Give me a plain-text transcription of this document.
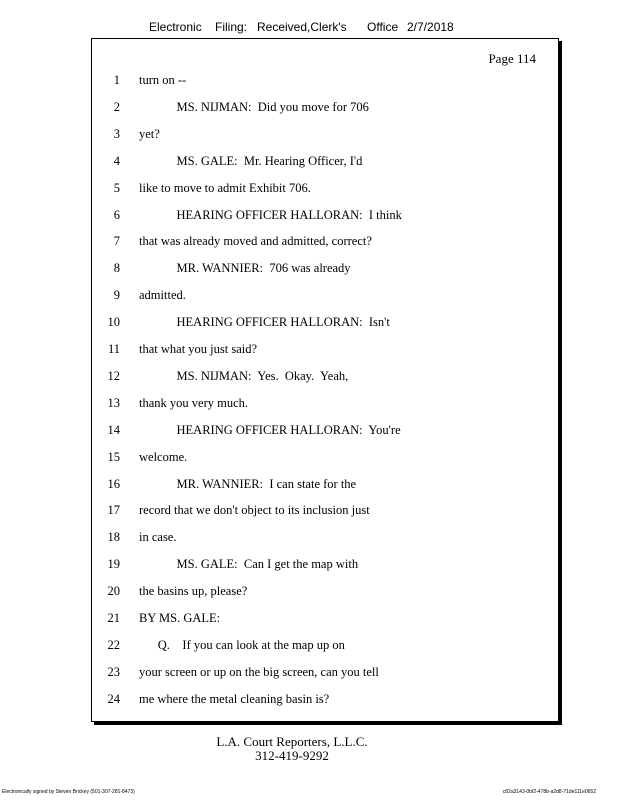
Electronic Filing: Received,Clerk's Office 2/7/2018
Page 114
1 turn on --
2 MS. NIJMAN:  Did you move for 706
3 yet?
4 MS. GALE:  Mr. Hearing Officer, I'd
5 like to move to admit Exhibit 706.
6 HEARING OFFICER HALLORAN:  I think
7 that was already moved and admitted, correct?
8 MR. WANNIER:  706 was already
9 admitted.
10 HEARING OFFICER HALLORAN:  Isn't
11 that what you just said?
12 MS. NIJMAN:  Yes.  Okay.  Yeah,
13 thank you very much.
14 HEARING OFFICER HALLORAN:  You're
15 welcome.
16 MR. WANNIER:  I can state for the
17 record that we don't object to its inclusion just
18 in case.
19 MS. GALE:  Can I get the map with
20 the basins up, please?
21 BY MS. GALE:
22 Q.    If you can look at the map up on
23 your screen or up on the big screen, can you tell
24 me where the metal cleaning basin is?
L.A. Court Reporters, L.L.C.
312-419-9292
Electronically signed by Steven Brickey (501-307-281-8473)	c82a3143-0bf2-478b-a2d8-71de111e0652
